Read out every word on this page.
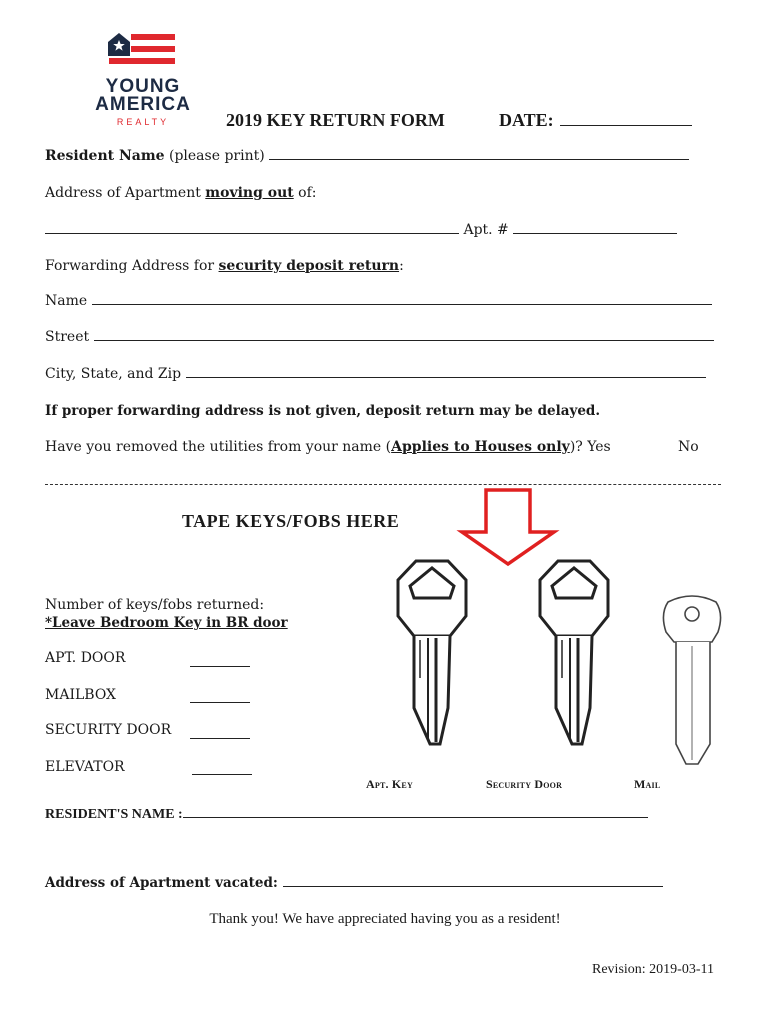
YOUNG
AMERICA
REALTY	2019 KEY RETURN FORM	DATE:
Resident Name (please print)
Address of Apartment moving out of:
Apt. #
Forwarding Address for security deposit return:
Name
Street
City, State, and Zip
If proper forwarding address is not given, deposit return may be delayed.
Have you removed the utilities from your name (Applies to Houses only)? Yes	No
TAPE KEYS/FOBS HERE
Number of keys/fobs returned:
*Leave Bedroom Key in BR door
APT. DOOR
MAILBOX
SECURITY DOOR
ELEVATOR
Apt. Key	Security Door	Mail
RESIDENT'S NAME :
Address of Apartment vacated:
Thank you! We have appreciated having you as a resident!
Revision: 2019-03-11
